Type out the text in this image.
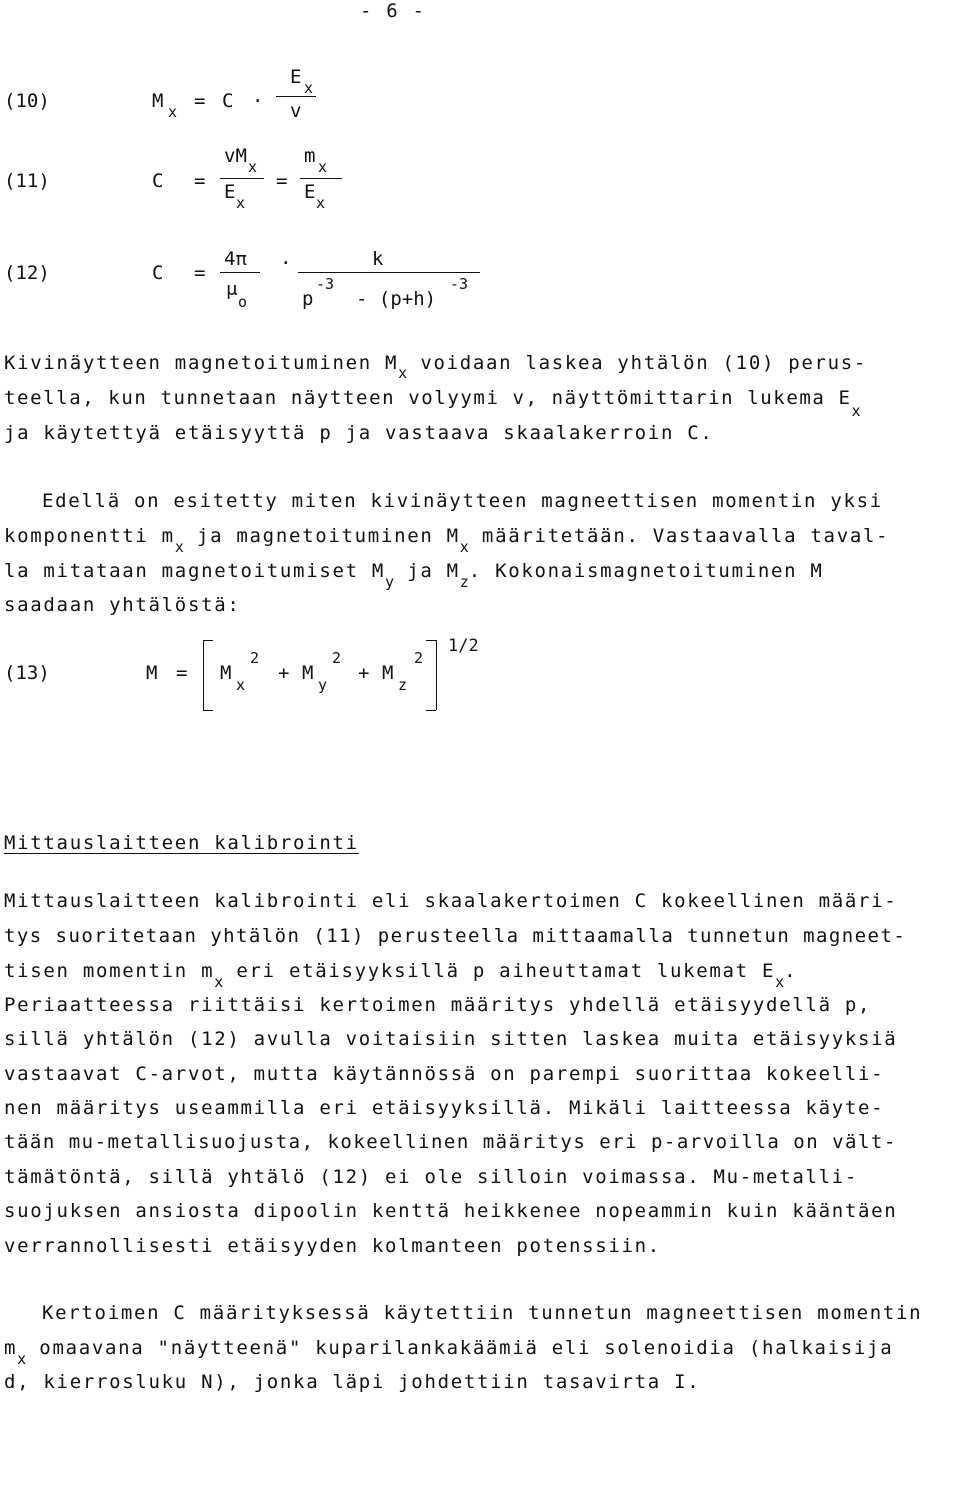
- 6 -
(10)	M x = C ·
E x
v
(11)	C =
vM x
E x
=
m x
E x
(12)	C =
4π
μ
o
·	k
p
-3
- (p+h)
-3
Kivinäytteen magnetoituminen $M_x$ voidaan laskea yhtälön (10) perus-
teella, kun tunnetaan näytteen volyymi v, näyttömittarin lukema $E_x$
ja käytettyä etäisyyttä p ja vastaava skaalakerroin C.
Edellä on esitetty miten kivinäytteen magneettisen momentin yksi
komponentti $m_x$ ja magnetoituminen $M_x$ määritetään. Vastaavalla taval-
la mitataan magnetoitumiset $M_y$ ja $M_z$. Kokonaismagnetoituminen M
saadaan yhtälöstä:
(13)	M = M
x
2
+ M
y
2
+ M
z
2
1/2
Mittauslaitteen kalibrointi
Mittauslaitteen kalibrointi eli skaalakertoimen C kokeellinen määri-
tys suoritetaan yhtälön (11) perusteella mittaamalla tunnetun magneet-
tisen momentin $m_x$ eri etäisyyksillä p aiheuttamat lukemat $E_x$.
Periaatteessa riittäisi kertoimen määritys yhdellä etäisyydellä p,
sillä yhtälön (12) avulla voitaisiin sitten laskea muita etäisyyksiä
vastaavat C-arvot, mutta käytännössä on parempi suorittaa kokeelli-
nen määritys useammilla eri etäisyyksillä. Mikäli laitteessa käyte-
tään mu-metallisuojusta, kokeellinen määritys eri p-arvoilla on vält-
tämätöntä, sillä yhtälö (12) ei ole silloin voimassa. Mu-metalli-
suojuksen ansiosta dipoolin kenttä heikkenee nopeammin kuin kääntäen
verrannollisesti etäisyyden kolmanteen potenssiin.
Kertoimen C määrityksessä käytettiin tunnetun magneettisen momentin
$m_x$ omaavana "näytteenä" kuparilankakäämiä eli solenoidia (halkaisija
d, kierrosluku N), jonka läpi johdettiin tasavirta I.
